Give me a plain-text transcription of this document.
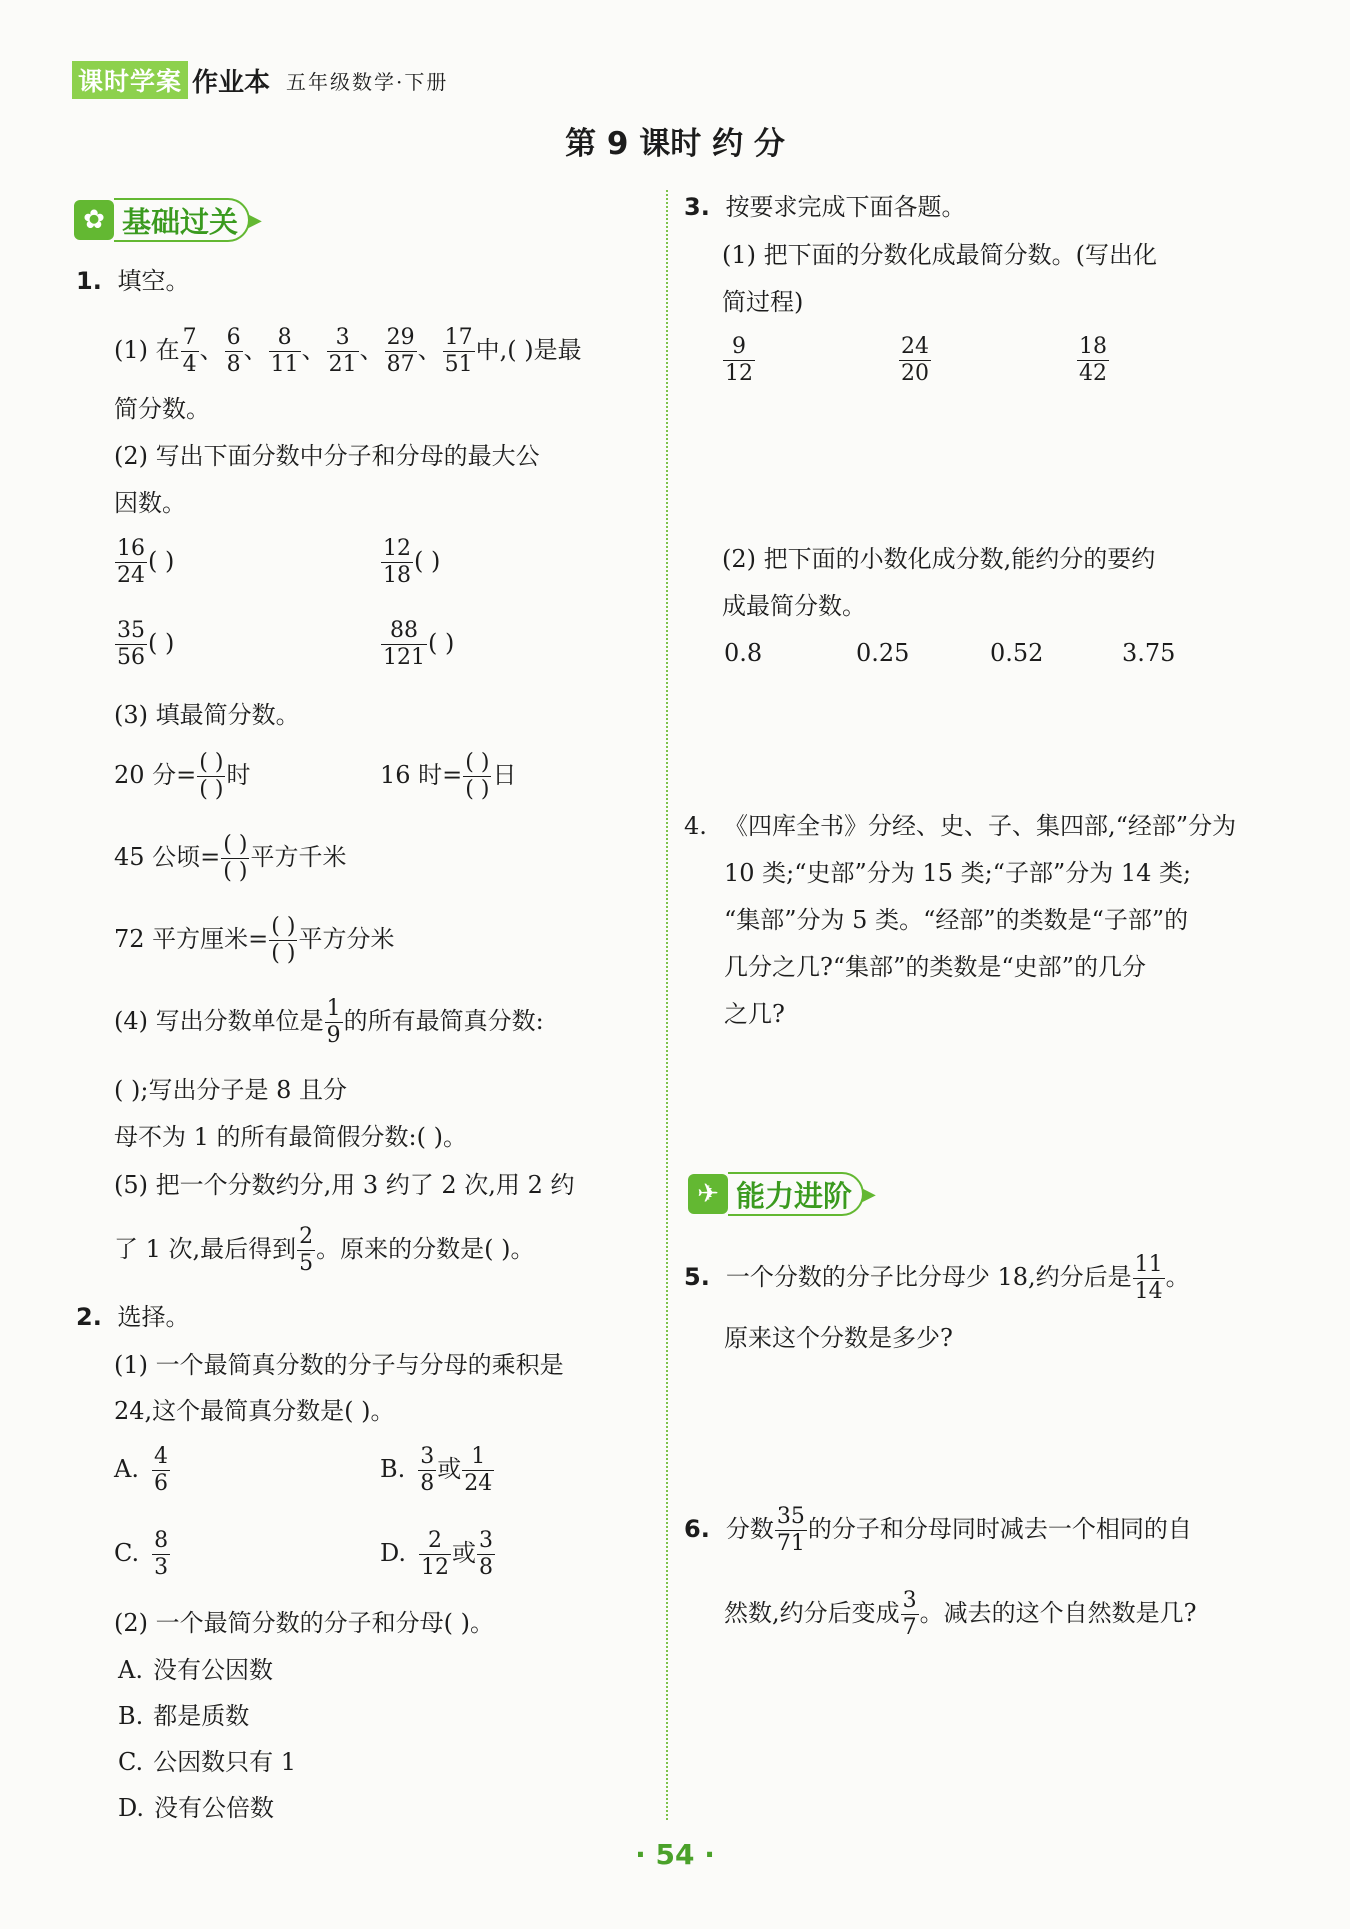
课时学案 作业本 五年级数学·下册
第 9 课时 约 分
✿ 基础过关 ▶
1. 填空。
(1) 在 $\frac{7}{4}$ 、 $\frac{6}{8}$ 、 $\frac{8}{11}$ 、 $\frac{3}{21}$ 、 $\frac{29}{87}$ 、 $\frac{17}{51}$ 中,( )是最
简分数。
(2) 写出下面分数中分子和分母的最大公
因数。
$\frac{16}{24}$ ( )	$\frac{12}{18}$ ( )
$\frac{35}{56}$ ( )	$\frac{88}{121}$ ( )
(3) 填最简分数。
20 分= $\frac{( )}{( )}$ 时	16 时= $\frac{( )}{( )}$ 日
45 公顷= $\frac{( )}{( )}$ 平方千米
72 平方厘米= $\frac{( )}{( )}$ 平方分米
(4) 写出分数单位是 $\frac{1}{9}$ 的所有最简真分数:
( );写出分子是 8 且分
母不为 1 的所有最简假分数:( )。
(5) 把一个分数约分,用 3 约了 2 次,用 2 约
了 1 次,最后得到 $\frac{2}{5}$ 。原来的分数是( )。
2. 选择。
(1) 一个最简真分数的分子与分母的乘积是
24,这个最简真分数是( )。
A. $\frac{4}{6}$	B. $\frac{3}{8}$ 或 $\frac{1}{24}$
C. $\frac{8}{3}$	D. $\frac{2}{12}$ 或 $\frac{3}{8}$
(2) 一个最简分数的分子和分母( )。
A. 没有公因数
B. 都是质数
C. 公因数只有 1
D. 没有公倍数
3. 按要求完成下面各题。
(1) 把下面的分数化成最简分数。(写出化
简过程)
$\frac{9}{12}$	$\frac{24}{20}$	$\frac{18}{42}$
(2) 把下面的小数化成分数,能约分的要约
成最简分数。
0.8	0.25	0.52	3.75
4. 《四库全书》分经、史、子、集四部,“经部”分为
10 类;“史部”分为 15 类;“子部”分为 14 类;
“集部”分为 5 类。“经部”的类数是“子部”的
几分之几?“集部”的类数是“史部”的几分
之几?
✈ 能力进阶 ▶
5. 一个分数的分子比分母少 18,约分后是 $\frac{11}{14}$ 。
原来这个分数是多少?
6. 分数 $\frac{35}{71}$ 的分子和分母同时减去一个相同的自
然数,约分后变成 $\frac{3}{7}$ 。减去的这个自然数是几?
· 54 ·
